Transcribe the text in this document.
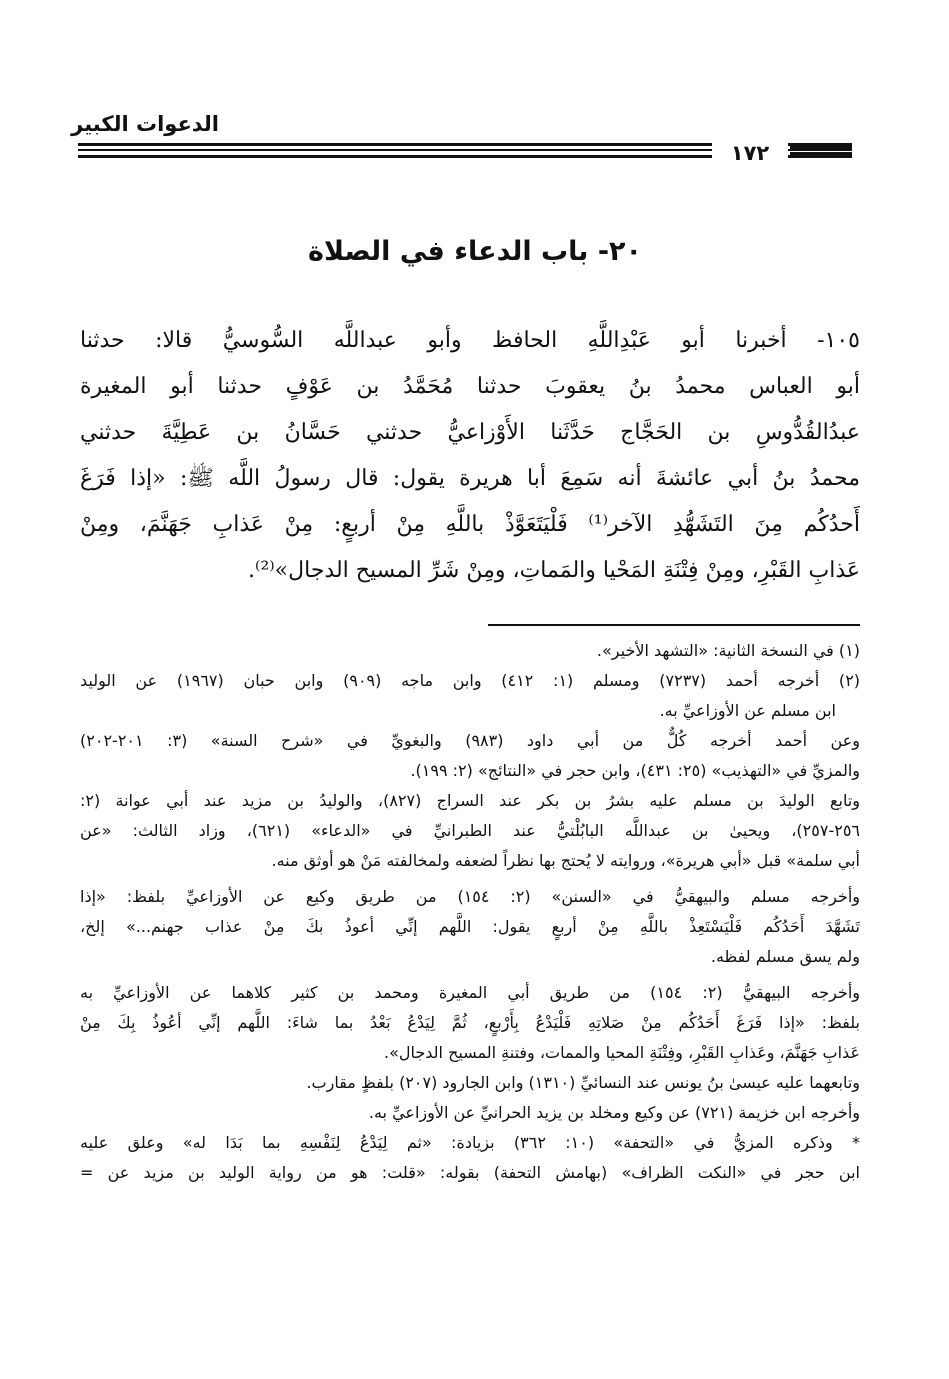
الدعوات الكبير
١٧٢
٢٠- باب الدعاء في الصلاة
١٠٥- أخبرنا أبو عَبْدِاللَّهِ الحافظ وأبو عبداللَّه السُّوسيُّ قالا: حدثنا
أبو العباس محمدُ بنُ يعقوبَ حدثنا مُحَمَّدُ بن عَوْفٍ حدثنا أبو المغيرة
عبدُالقُدُّوسِ بن الحَجَّاج حَدَّثَنا الأَوْزاعيُّ حدثني حَسَّانُ بن عَطِيَّةَ حدثني
محمدُ بنُ أبي عائشةَ أنه سَمِعَ أبا هريرة يقول: قال رسولُ اللَّه ﷺ: «إذا فَرَغَ
أَحدُكُم مِنَ التَشَهُّدِ الآخر⁽¹⁾ فَلْيَتَعَوَّذْ باللَّهِ مِنْ أربعٍ: مِنْ عَذابِ جَهَنَّمَ، ومِنْ
عَذابِ القَبْرِ، ومِنْ فِتْنَةِ المَحْيا والمَماتِ، ومِنْ شَرِّ المسيح الدجال»⁽²⁾.
(١) في النسخة الثانية: «التشهد الأخير».
(٢) أخرجه أحمد (٧٢٣٧) ومسلم (١: ٤١٢) وابن ماجه (٩٠٩) وابن حبان (١٩٦٧) عن الوليد
ابن مسلم عن الأوزاعيِّ به.
وعن أحمد أخرجه كُلٌّ من أبي داود (٩٨٣) والبغويِّ في «شرح السنة» (٣: ٢٠١-٢٠٢)
والمزيِّ في «التهذيب» (٢٥: ٤٣١)، وابن حجر في «النتائج» (٢: ١٩٩).
وتابع الوليدَ بن مسلم عليه بشرُ بن بكر عند السراج (٨٢٧)، والوليدُ بن مزيد عند أبي عوانة (٢:
٢٥٦-٢٥٧)، ويحيىٰ بن عبداللَّه البابُلْتيُّ عند الطبرانيِّ في «الدعاء» (٦٢١)، وزاد الثالث: «عن
أبي سلمة» قبل «أبي هريرة»، وروايته لا يُحتج بها نظراً لضعفه ولمخالفته مَنْ هو أوثق منه.
وأخرجه مسلم والبيهقيُّ في «السنن» (٢: ١٥٤) من طريق وكيع عن الأوزاعيِّ بلفظ: «إذا
تَشَهَّدَ أَحَدُكُم فَلْيَسْتَعِذْ باللَّهِ مِنْ أربعٍ يقول: اللَّهم إنِّي أعوذُ بكَ مِنْ عذاب جهنم...» إلخ،
ولم يسق مسلم لفظه.
وأخرجه البيهقيُّ (٢: ١٥٤) من طريق أبي المغيرة ومحمد بن كثير كلاهما عن الأوزاعيِّ به
بلفظ: «إذا فَرَغَ أَحَدُكُم مِنْ صَلاتِهِ فَلْيَدْعُ بِأَرْبعٍ، ثُمَّ لِيَدْعُ بَعْدُ بما شاءَ: اللَّهم إنِّي أعُوذُ بِكَ مِنْ
عَذابِ جَهَنَّمَ، وعَذابِ القَبْرِ، وفِتْنَةِ المحيا والممات، وفتنةِ المسيح الدجال».
وتابعهما عليه عيسىٰ بنُ يونس عند النسائيِّ (١٣١٠) وابن الجارود (٢٠٧) بلفظٍ مقارب.
وأخرجه ابن خزيمة (٧٢١) عن وكيع ومخلد بن يزيد الحرانيِّ عن الأوزاعيِّ به.
* وذكره المزيُّ في «التحفة» (١٠: ٣٦٢) بزيادة: «ثم لِيَدْعُ لِنَفْسِهِ بما بَدَا له» وعلق عليه
ابن حجر في «النكت الظراف» (بهامش التحفة) بقوله: «قلت: هو من رواية الوليد بن مزيد عن =
